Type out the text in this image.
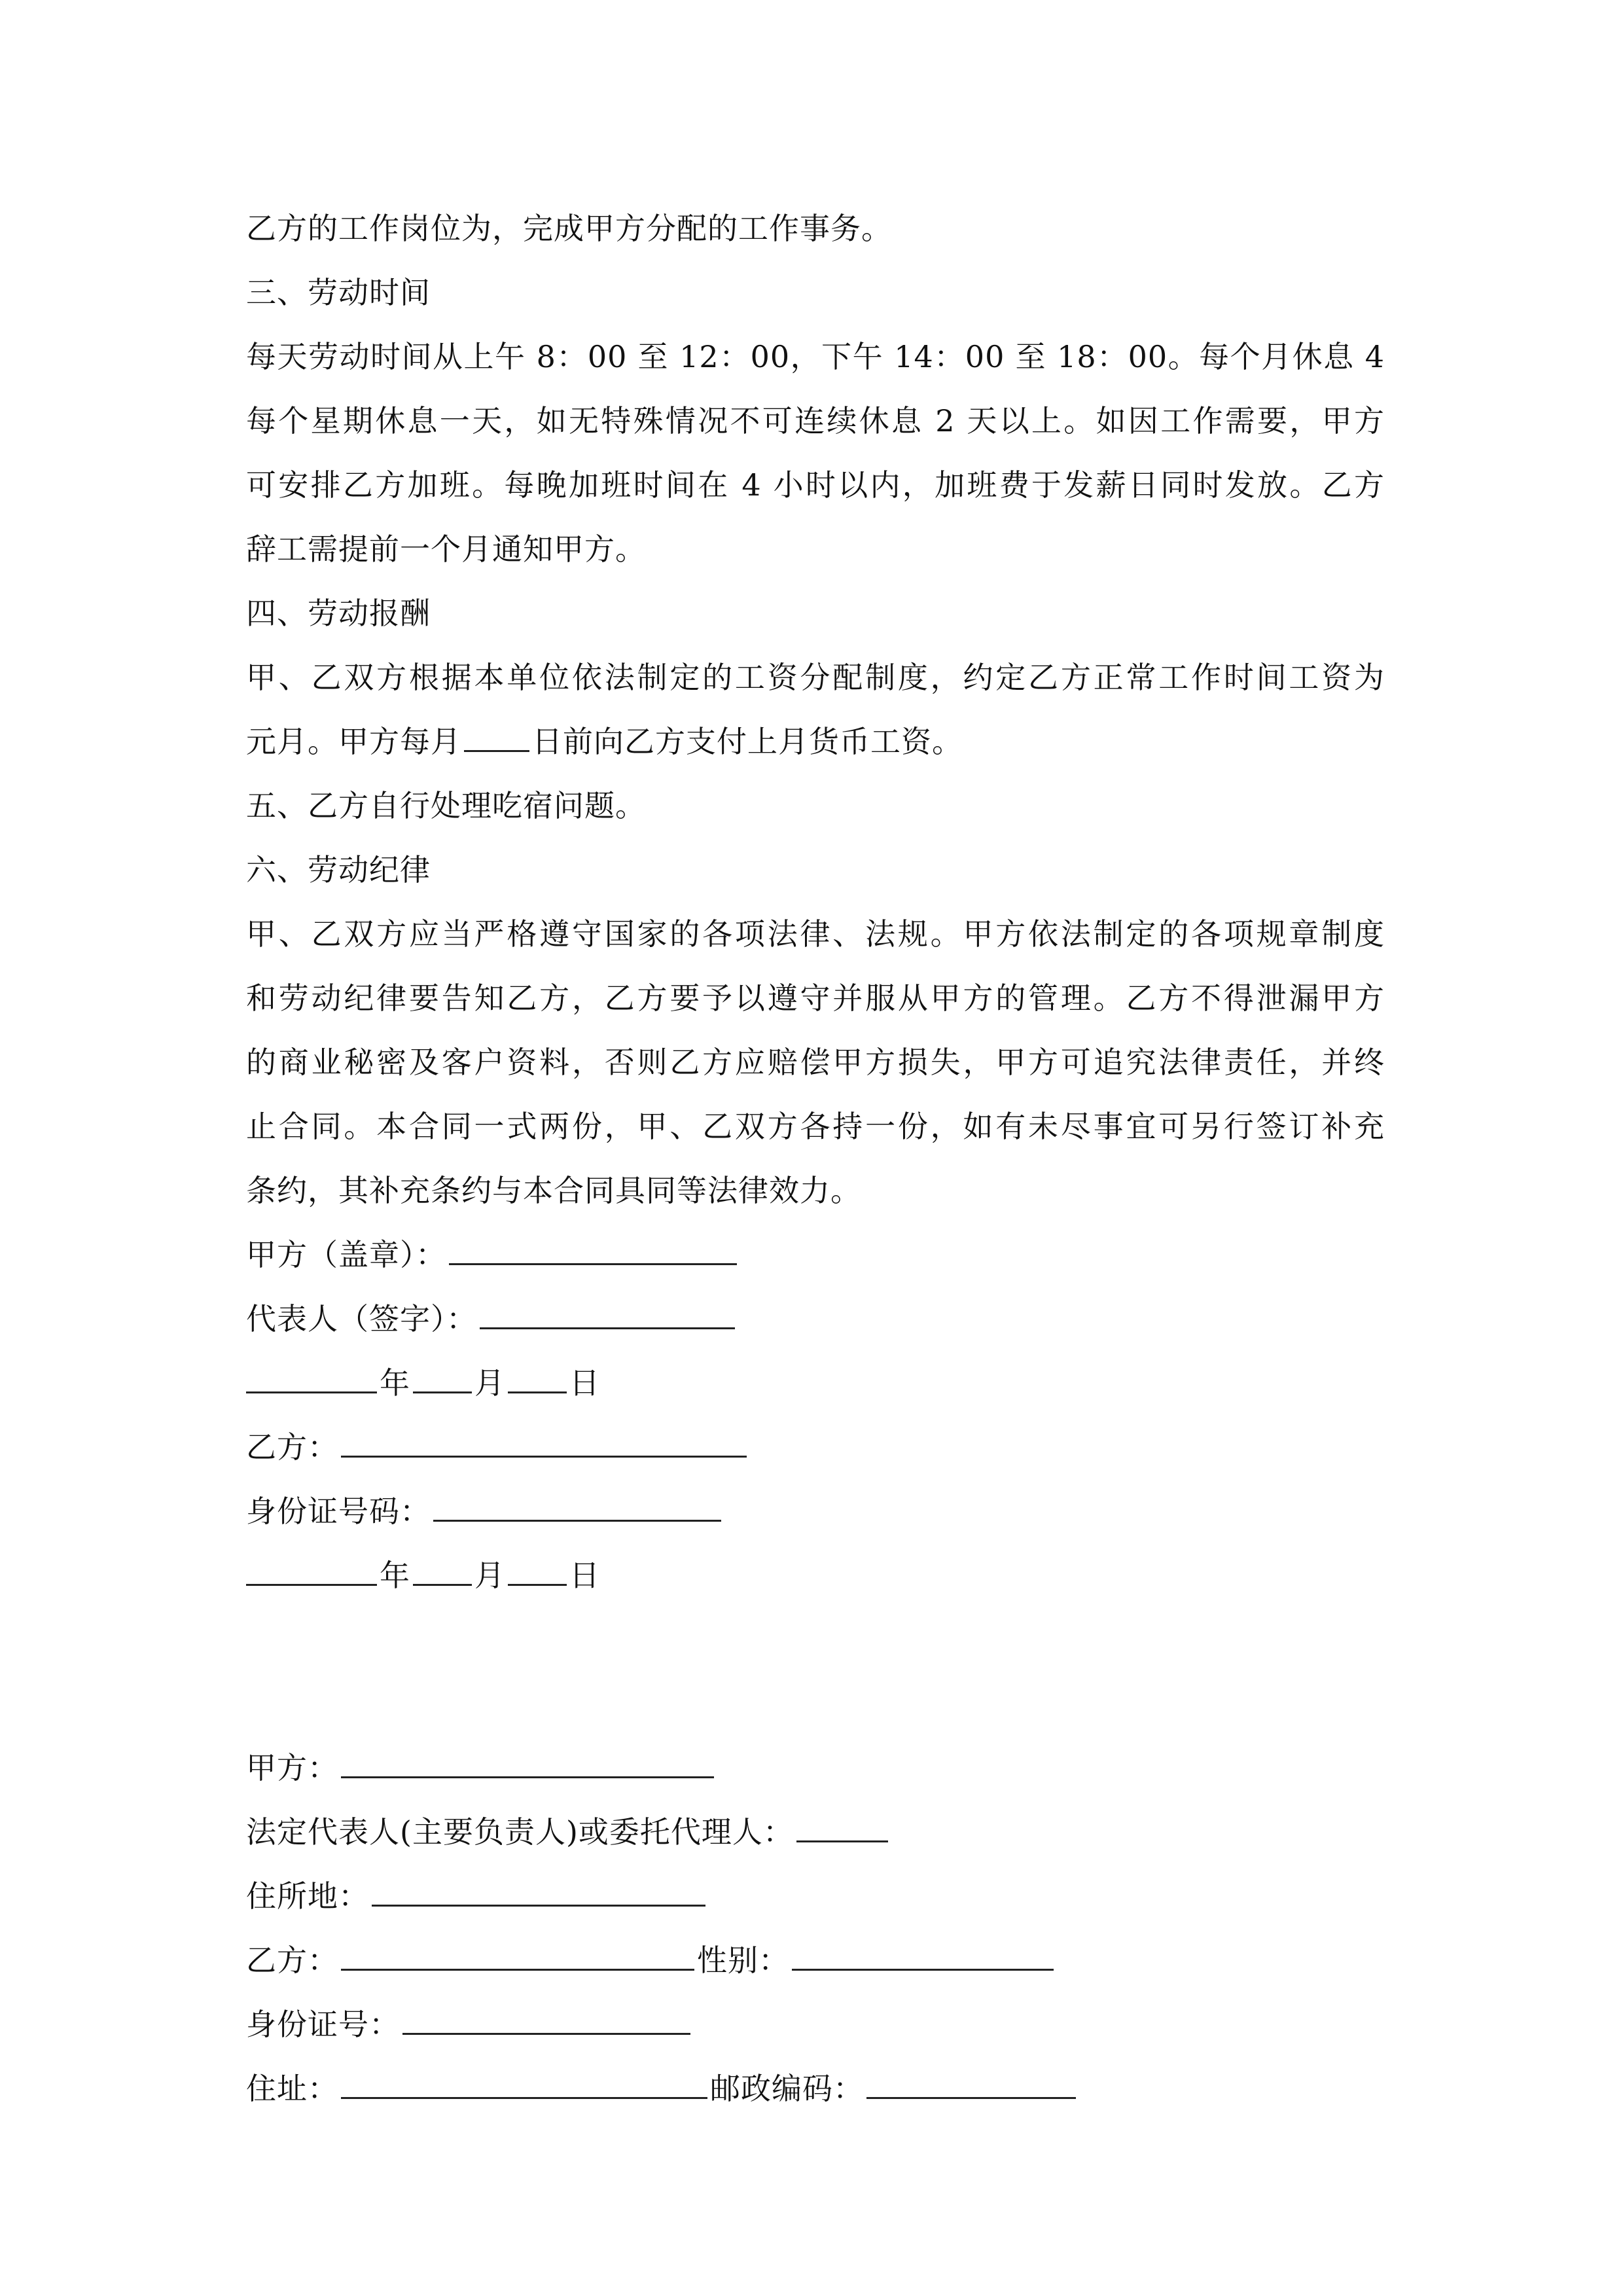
乙方的工作岗位为，完成甲方分配的工作事务。
三、劳动时间
每天劳动时间从上午 8：00 至 12：00，下午 14：00 至 18：00。每个月休息 4
每个星期休息一天，如无特殊情况不可连续休息 2 天以上。如因工作需要，甲方
可安排乙方加班。每晚加班时间在 4 小时以内，加班费于发薪日同时发放。乙方
辞工需提前一个月通知甲方。
四、劳动报酬
甲、乙双方根据本单位依法制定的工资分配制度，约定乙方正常工作时间工资为
元月。甲方每月 日前向乙方支付上月货币工资。
五、乙方自行处理吃宿问题。
六、劳动纪律
甲、乙双方应当严格遵守国家的各项法律、法规。甲方依法制定的各项规章制度
和劳动纪律要告知乙方，乙方要予以遵守并服从甲方的管理。乙方不得泄漏甲方
的商业秘密及客户资料，否则乙方应赔偿甲方损失，甲方可追究法律责任，并终
止合同。本合同一式两份，甲、乙双方各持一份，如有未尽事宜可另行签订补充
条约，其补充条约与本合同具同等法律效力。
甲方（盖章）：
代表人（签字）：
年 月 日
乙方：
身份证号码：
年 月 日
甲方：
法定代表人(主要负责人)或委托代理人：
住所地：
乙方：	性别：
身份证号：
住址：	邮政编码：
